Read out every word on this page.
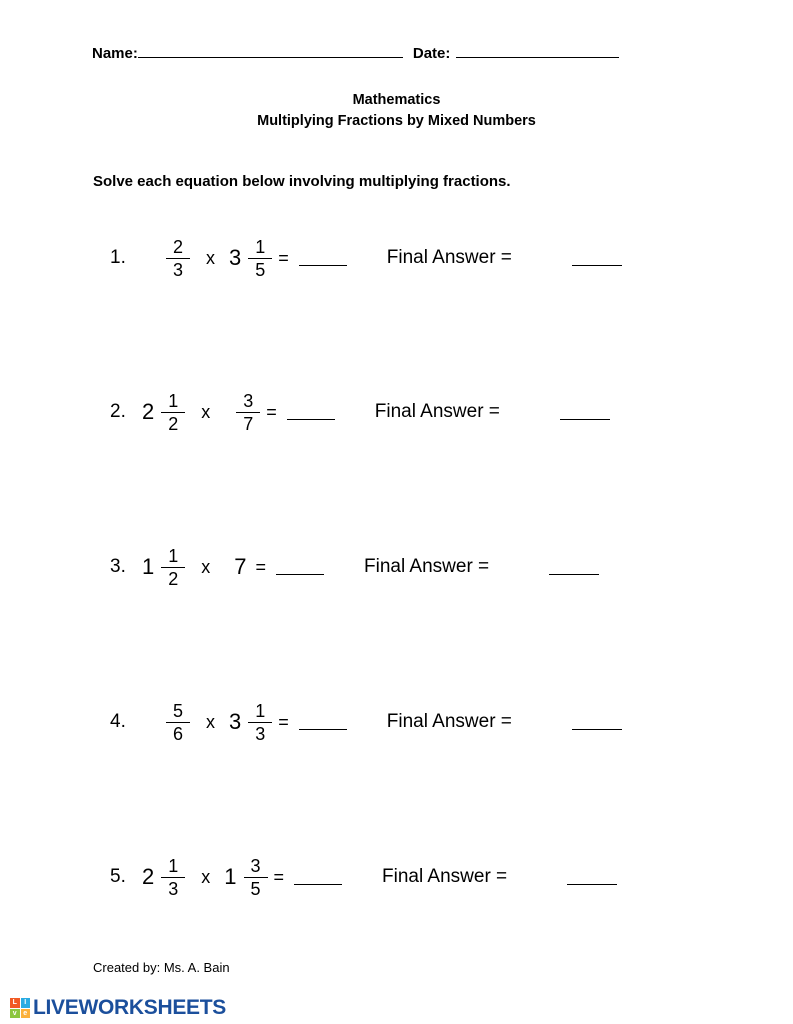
Name:	Date:
Mathematics
Multiplying Fractions by Mixed Numbers
Solve each equation below involving multiplying fractions.
1.	$\frac{2}{3}$ x $3 \frac{1}{5}$ =	Final Answer =
2. $2 \frac{1}{2}$ x $\frac{3}{7}$ =	Final Answer =
3. $1 \frac{1}{2}$ x 7 =	Final Answer =
4.	$\frac{5}{6}$ x $3 \frac{1}{3}$ =	Final Answer =
5. $2 \frac{1}{3}$ x $1 \frac{3}{5}$ =	Final Answer =
Created by: Ms. A. Bain
L	I
v e LIVEWORKSHEETS
